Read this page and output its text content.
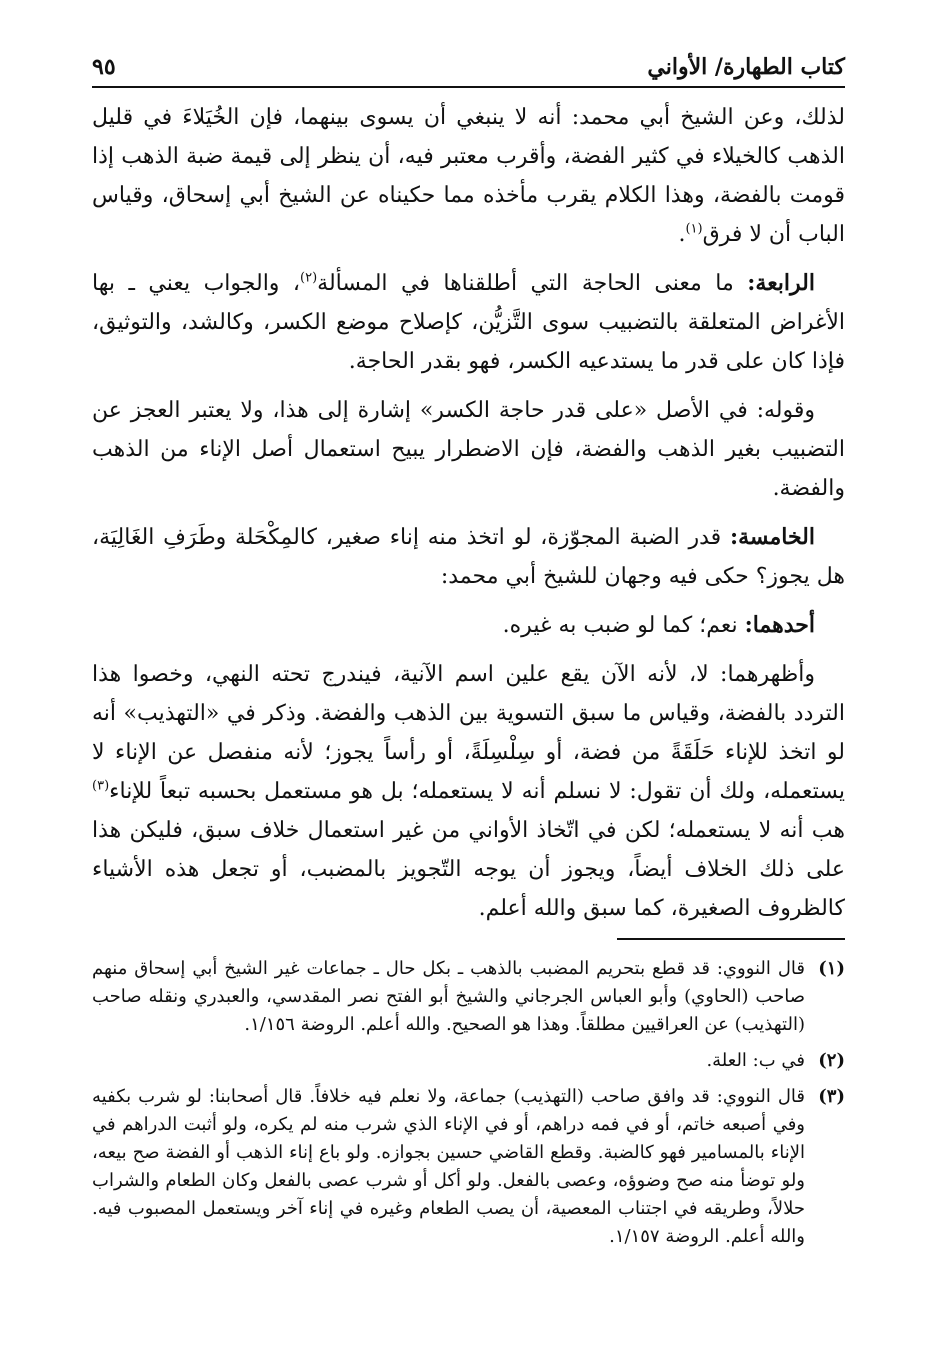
كتاب الطهارة/ الأواني
٩٥

لذلك، وعن الشيخ أبي محمد: أنه لا ينبغي أن يسوى بينهما، فإن الخُيَلاءَ في قليل الذهب كالخيلاء في كثير الفضة، وأقرب معتبر فيه، أن ينظر إلى قيمة ضبة الذهب إذا قومت بالفضة، وهذا الكلام يقرب مأخذه مما حكيناه عن الشيخ أبي إسحاق، وقياس الباب أن لا فرق$^{(١)}$.

الرابعة: ما معنى الحاجة التي أطلقناها في المسألة$^{(٢)}$، والجواب يعني ـ بها الأغراض المتعلقة بالتضبيب سوى التَّزيُّن، كإصلاح موضع الكسر، وكالشد، والتوثيق، فإذا كان على قدر ما يستدعيه الكسر، فهو بقدر الحاجة.

وقوله: في الأصل «على قدر حاجة الكسر» إشارة إلى هذا، ولا يعتبر العجز عن التضبيب بغير الذهب والفضة، فإن الاضطرار يبيح استعمال أصل الإناء من الذهب والفضة.

الخامسة: قدر الضبة المجوّزة، لو اتخذ منه إناء صغير، كالمِكْحَلة وطَرَفِ الغَالِيَة، هل يجوز؟ حكى فيه وجهان للشيخ أبي محمد:

أحدهما: نعم؛ كما لو ضبب به غيره.

وأظهرهما: لا، لأنه الآن يقع علين اسم الآنية، فيندرج تحته النهي، وخصوا هذا التردد بالفضة، وقياس ما سبق التسوية بين الذهب والفضة. وذكر في «التهذيب» أنه لو اتخذ للإناء حَلَقَةً من فضة، أو سِلْسِلَةً، أو رأساً يجوز؛ لأنه منفصل عن الإناء لا يستعمله، ولك أن تقول: لا نسلم أنه لا يستعمله؛ بل هو مستعمل بحسبه تبعاً للإناء$^{(٣)}$ هب أنه لا يستعمله؛ لكن في اتّخاذ الأواني من غير استعمال خلاف سبق، فليكن هذا على ذلك الخلاف أيضاً، ويجوز أن يوجه التّجويز بالمضبب، أو تجعل هذه الأشياء كالظروف الصغيرة، كما سبق والله أعلم.

(١)
قال النووي: قد قطع بتحريم المضبب بالذهب ـ بكل حال ـ جماعات غير الشيخ أبي إسحاق منهم صاحب (الحاوي) وأبو العباس الجرجاني والشيخ أبو الفتح نصر المقدسي، والعبدري ونقله صاحب (التهذيب) عن العراقيين مطلقاً. وهذا هو الصحيح. والله أعلم. الروضة ١/١٥٦.
(٢)
في ب: العلة.
(٣)
قال النووي: قد وافق صاحب (التهذيب) جماعة، ولا نعلم فيه خلافاً. قال أصحابنا: لو شرب بكفيه وفي أصبعه خاتم، أو في فمه دراهم، أو في الإناء الذي شرب منه لم يكره، ولو أثبت الدراهم في الإناء بالمسامير فهو كالضبة. وقطع القاضي حسين بجوازه. ولو باع إناء الذهب أو الفضة صح بيعه، ولو توضأ منه صح وضوؤه، وعصى بالفعل. ولو أكل أو شرب عصى بالفعل وكان الطعام والشراب حلالاً، وطريقه في اجتناب المعصية، أن يصب الطعام وغيره في إناء آخر ويستعمل المصبوب فيه. والله أعلم. الروضة ١/١٥٧.
